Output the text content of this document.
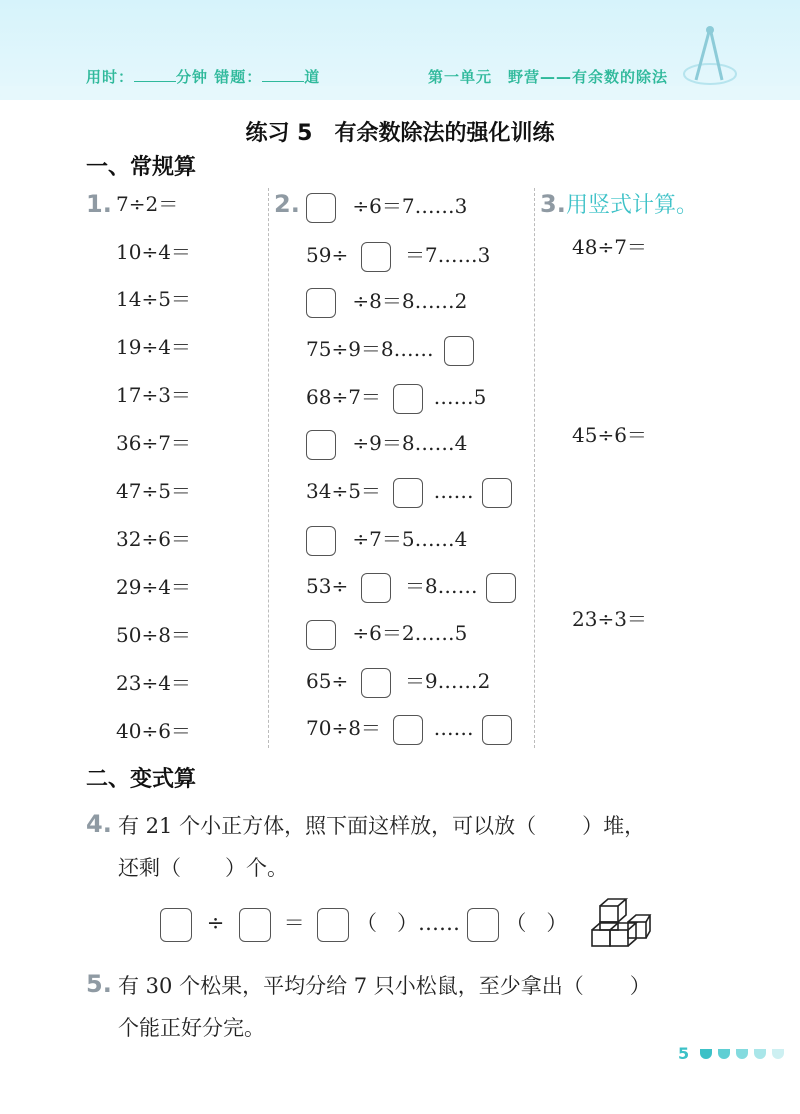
用时：	分钟 错题：	道	第一单元　野营——有余数的除法
练习 5　有余数除法的强化训练
一、常规算
1. 7÷2＝
10÷4＝
14÷5＝
19÷4＝
17÷3＝
36÷7＝
47÷5＝
32÷6＝
29÷4＝
50÷8＝
23÷4＝
40÷6＝
2.	÷6＝7……3
59÷	＝7……3
÷8＝8……2
75÷9＝8……
68÷7＝	……5
÷9＝8……4
34÷5＝	……
÷7＝5……4
53÷	＝8……
÷6＝2……5
65÷	＝9……2
70÷8＝	……
3. 用竖式计算。
48÷7＝
45÷6＝
23÷3＝
二、变式算
4. 有 21 个小正方体，照下面这样放，可以放（ ）堆，
还剩（ ）个。
÷	＝ （ ）…… （ ）
5. 有 30 个松果，平均分给 7 只小松鼠，至少拿出（ ）
个能正好分完。
5
